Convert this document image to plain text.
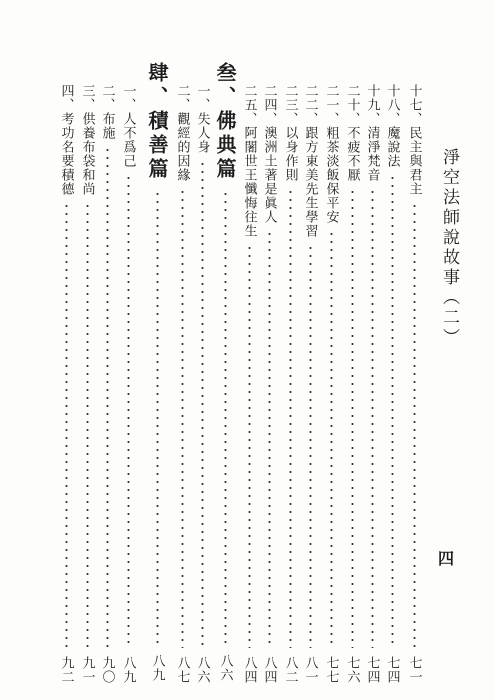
淨空法師說故事（二）
十七、民主與君主
七一
十八、魔說法
七四
十九、清淨梵音
七四
二十、不疲不厭
七六
二一、粗茶淡飯保平安
七七
二二、跟方東美先生學習
八一
二三、以身作則
八二
二四、澳洲土著是眞人
八四
二五、阿闍世王懺悔往生
八四
叁、佛典篇
八六
一、失人身
八六
二、觀經的因緣
八七
肆、積善篇
八九
一、人不爲己
八九
二、布施
九〇
三、供養布袋和尚
九一
四、考功名要積德
九二
四
